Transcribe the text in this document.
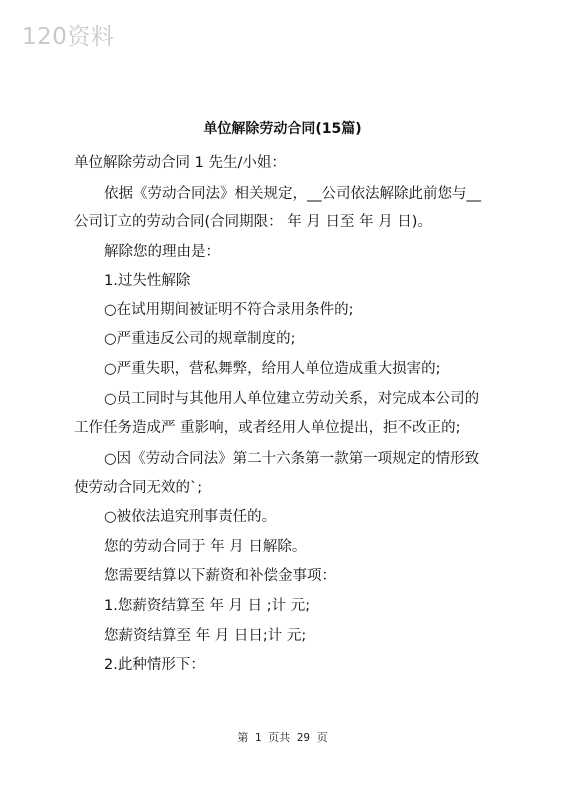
120资料
单位解除劳动合同(15篇)
单位解除劳动合同 1 先生/小姐：
依据《劳动合同法》相关规定，__公司依法解除此前您与__
公司订立的劳动合同(合同期限： 年 月 日至 年 月 日)。
解除您的理由是：
1.过失性解除
○在试用期间被证明不符合录用条件的;
○严重违反公司的规章制度的;
○严重失职，营私舞弊，给用人单位造成重大损害的;
○员工同时与其他用人单位建立劳动关系，对完成本公司的
工作任务造成严 重影响，或者经用人单位提出，拒不改正的;
○因《劳动合同法》第二十六条第一款第一项规定的情形致
使劳动合同无效的`;
○被依法追究刑事责任的。
您的劳动合同于 年 月 日解除。
您需要结算以下薪资和补偿金事项：
1.您薪资结算至 年 月 日 ;计 元;
您薪资结算至 年 月 日日;计 元;
2.此种情形下：
第 1 页共 29 页
